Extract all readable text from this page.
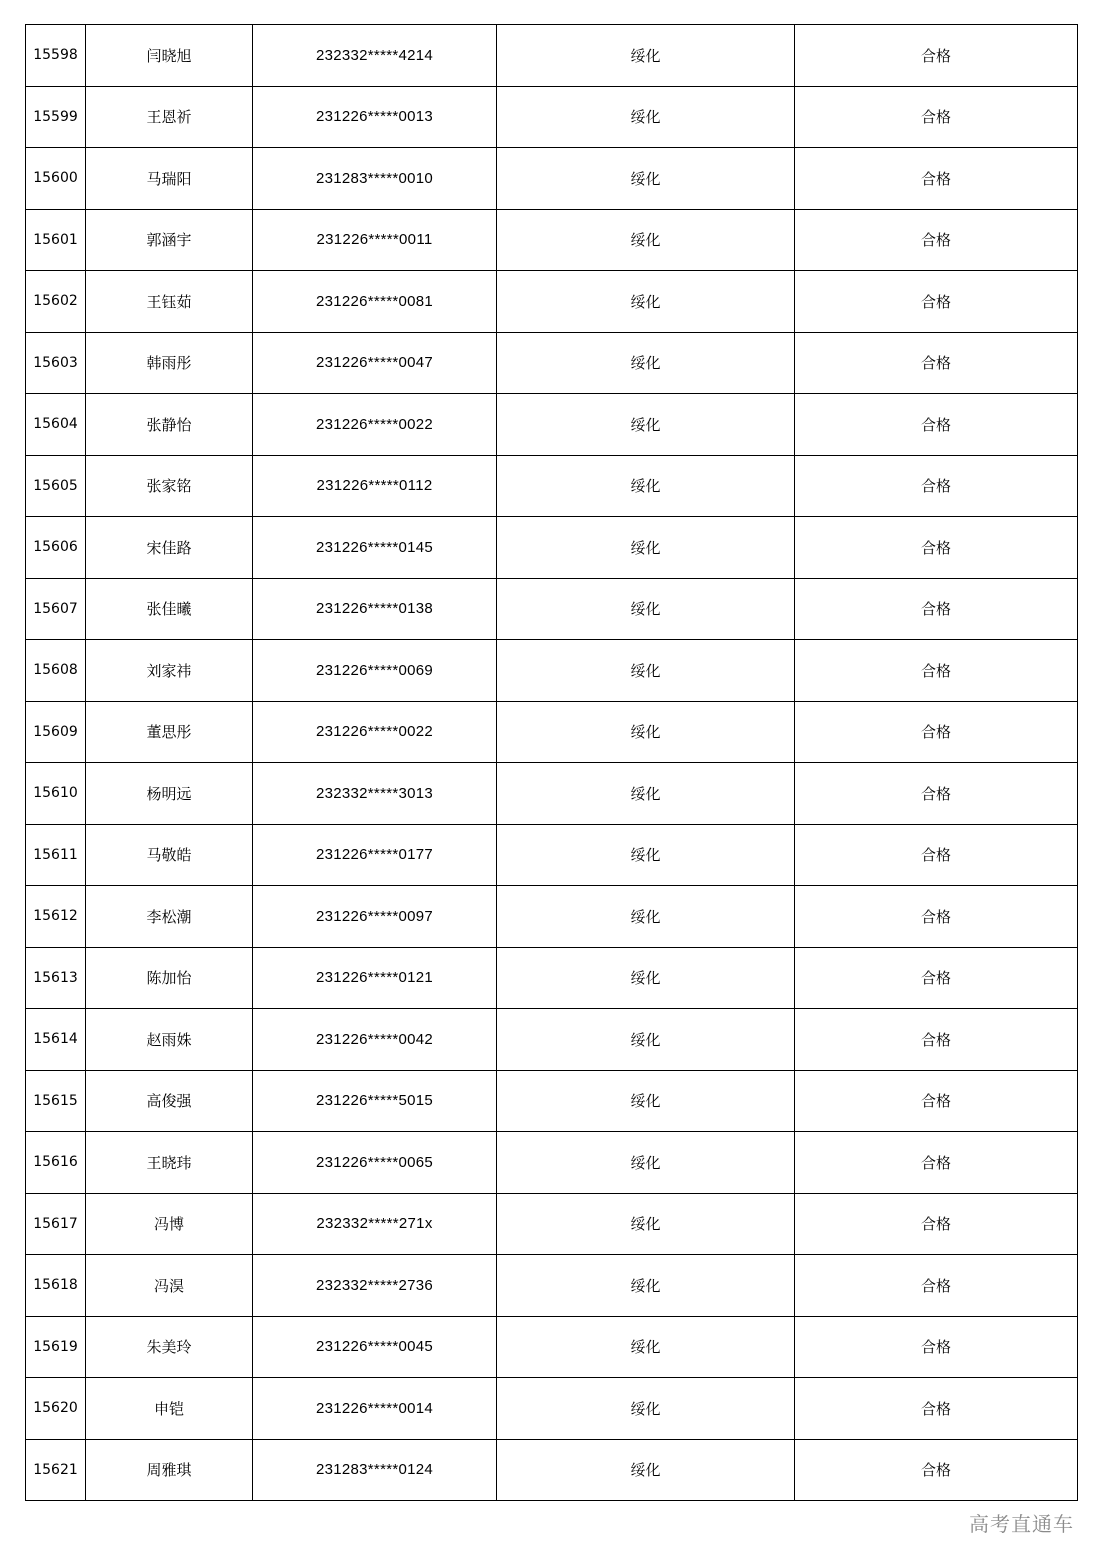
15598	闫晓旭	232332*****4214	绥化	合格
15599	王恩祈	231226*****0013	绥化	合格
15600	马瑞阳	231283*****0010	绥化	合格
15601	郭涵宇	231226*****0011	绥化	合格
15602	王钰茹	231226*****0081	绥化	合格
15603	韩雨彤	231226*****0047	绥化	合格
15604	张静怡	231226*****0022	绥化	合格
15605	张家铭	231226*****0112	绥化	合格
15606	宋佳路	231226*****0145	绥化	合格
15607	张佳曦	231226*****0138	绥化	合格
15608	刘家祎	231226*****0069	绥化	合格
15609	董思彤	231226*****0022	绥化	合格
15610	杨明远	232332*****3013	绥化	合格
15611	马敬皓	231226*****0177	绥化	合格
15612	李松潮	231226*****0097	绥化	合格
15613	陈加怡	231226*****0121	绥化	合格
15614	赵雨姝	231226*****0042	绥化	合格
15615	高俊强	231226*****5015	绥化	合格
15616	王晓玮	231226*****0065	绥化	合格
15617	冯博	232332*****271x	绥化	合格
15618	冯淏	232332*****2736	绥化	合格
15619	朱美玲	231226*****0045	绥化	合格
15620	申铠	231226*****0014	绥化	合格
15621	周雅琪	231283*****0124	绥化	合格
高考直通车
